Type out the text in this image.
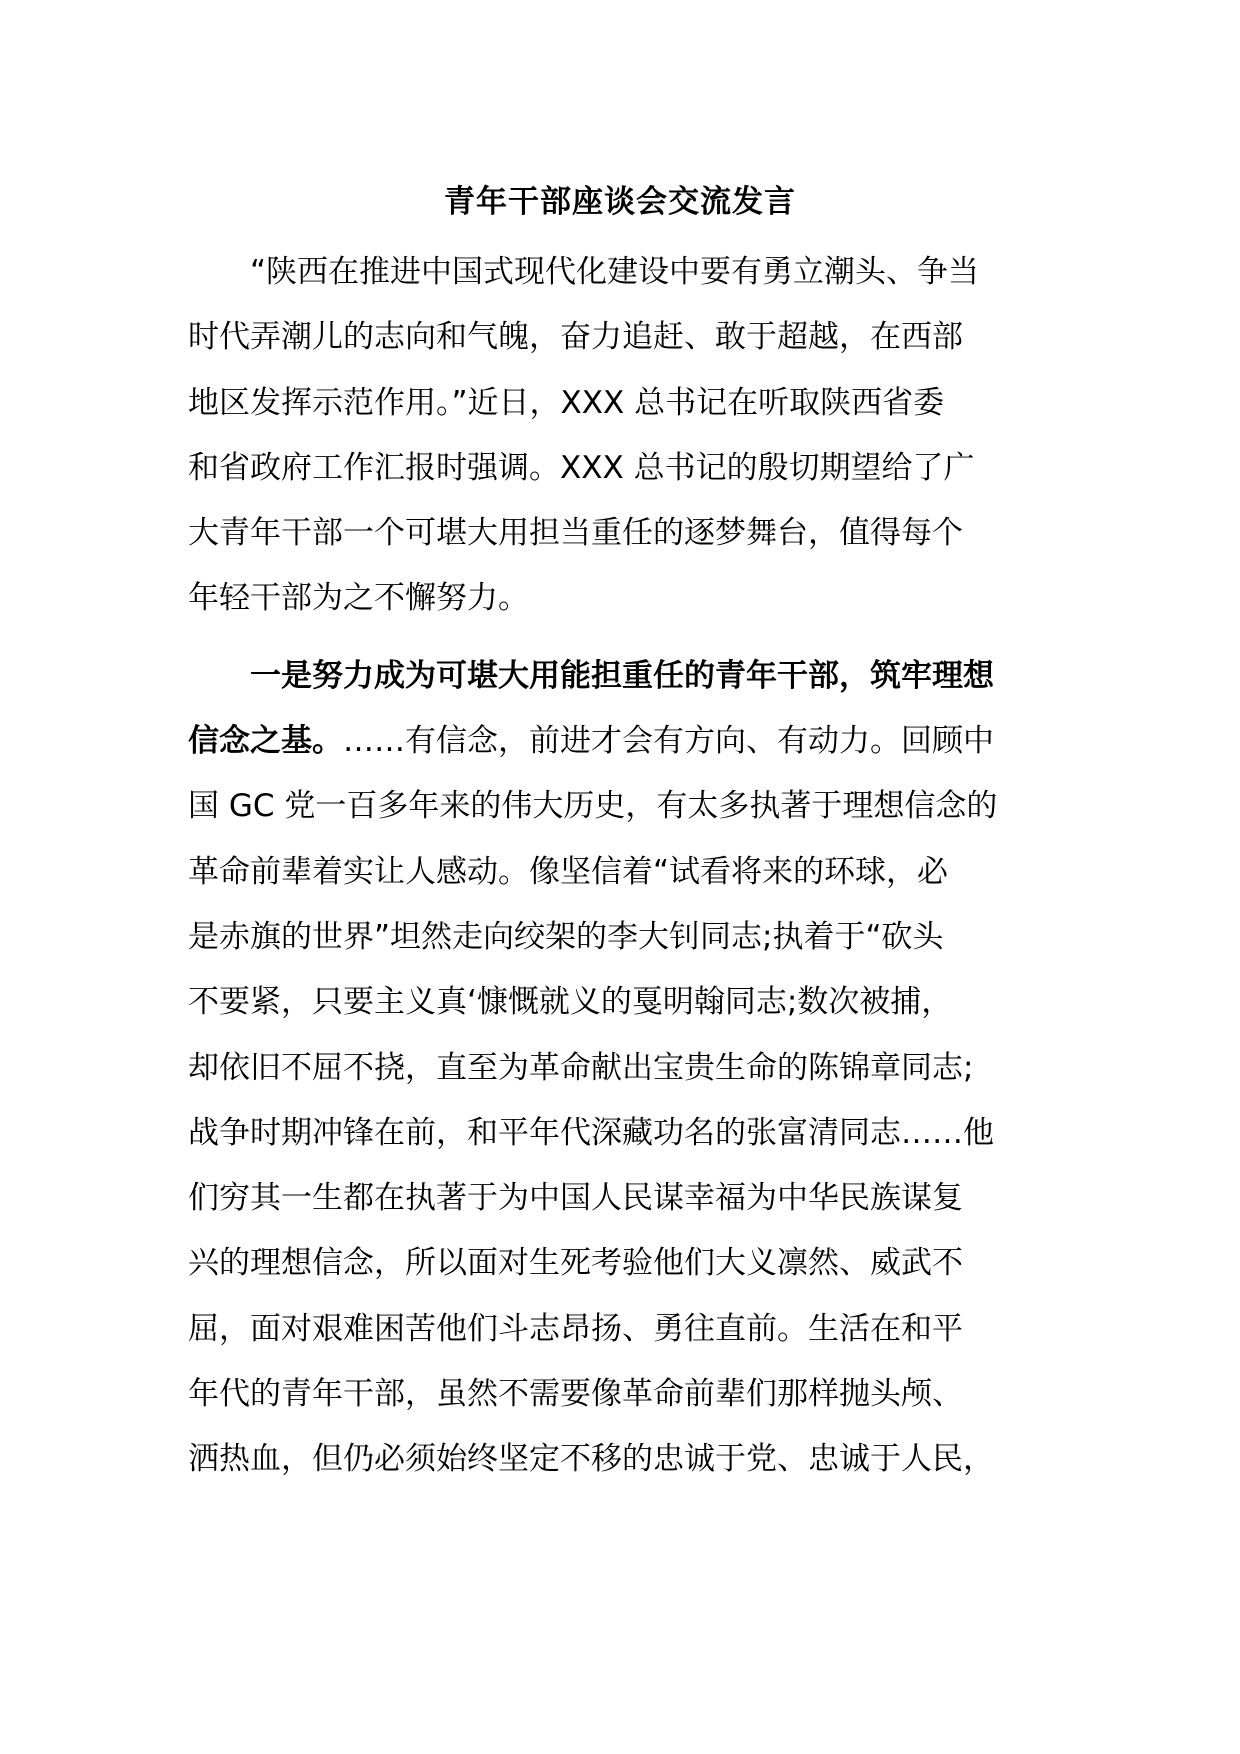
青年干部座谈会交流发言

“陕西在推进中国式现代化建设中要有勇立潮头、争当
时代弄潮儿的志向和气魄，奋力追赶、敢于超越，在西部
地区发挥示范作用。”近日，XXX 总书记在听取陕西省委
和省政府工作汇报时强调。XXX 总书记的殷切期望给了广
大青年干部一个可堪大用担当重任的逐梦舞台，值得每个
年轻干部为之不懈努力。

一是努力成为可堪大用能担重任的青年干部，筑牢理想
信念之基。……有信念，前进才会有方向、有动力。回顾中
国 GC 党一百多年来的伟大历史，有太多执著于理想信念的
革命前辈着实让人感动。像坚信着“试看将来的环球，必
是赤旗的世界”坦然走向绞架的李大钊同志;执着于“砍头
不要紧，只要主义真‘慷慨就义的戛明翰同志;数次被捕，
却依旧不屈不挠，直至为革命献出宝贵生命的陈锦章同志;
战争时期冲锋在前，和平年代深藏功名的张富清同志……他
们穷其一生都在执著于为中国人民谋幸福为中华民族谋复
兴的理想信念，所以面对生死考验他们大义凛然、威武不
屈，面对艰难困苦他们斗志昂扬、勇往直前。生活在和平
年代的青年干部，虽然不需要像革命前辈们那样抛头颅、
洒热血，但仍必须始终坚定不移的忠诚于党、忠诚于人民，
